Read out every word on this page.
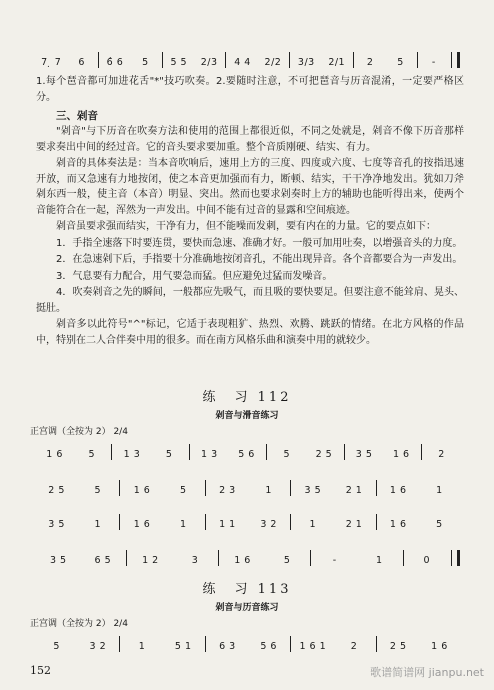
7 ̣ 7	6	6̂ 6	5	5 5	2/3	4 4	2/2	3/3	2/1	2	5	-

1.每个琶音都可加进花舌"*"技巧吹奏。2.要随时注意，不可把琶音与历音混淆，一定要严格区分。

三、剁音

"剁音"与下历音在吹奏方法和使用的范围上都很近似，不同之处就是，剁音不像下历音那样要求奏出中间的经过音。它的音头要求要加重。整个音质刚硬、结实、有力。

剁音的具体奏法是：当本音吹响后，速用上方的三度、四度或六度、七度等音孔的按指迅速开放，而又急速有力地按闭，使之本音更加强而有力，断顿、结实，干干净净地发出。犹如刀斧剁东西一般，使主音（本音）明显、突出。然而也要求剁奏时上方的辅助也能听得出来，使两个音能符合在一起，浑然为一声发出。中间不能有过音的显露和空间痕迹。

剁音虽要求强而结实，干净有力，但不能噪而发刺，要有内在的力量。它的要点如下：

1．手指全速落下时要连贯，要快而急速、准确才好。一般可加用吐奏，以增强音头的力度。

2．在急速剁下后，手指要十分准确地按闭音孔，不能出现异音。各个音都要合为一声发出。

3．气息要有力配合，用气要急而猛。但应避免过猛而发噪音。

4．吹奏剁音之先的瞬间，一般都应先吸气，而且吸的要快要足。但要注意不能耸肩、晃头、挺肚。

剁音多以此符号"^"标记，它适于表现粗犷、热烈、欢腾、跳跃的情绪。在北方风格的作品中，特别在二人合伴奏中用的很多。而在南方风格乐曲和演奏中用的就较少。

练　习 112
剁音与滑音练习
正宫调（全按为 2） 2/4
1 6	5	1 3	5	1 3	5 6	5	2 5	3 5	1 6	2
2 5	5	1 6	5	2 3	1	3 5	2 1	1 6	1
3 5	1	1 6	1	1 1	3 2	1	2 1	1 6	5
3 5	6 5	1 2	3	1 6	5	-	1	0
练　习 113
剁音与历音练习
正宫调（全按为 2） 2/4
5	3 2	1	5 1	6 3	5 6	1 6 1	2	2 5	1 6
152	歌谱简谱网 jianpu.net
